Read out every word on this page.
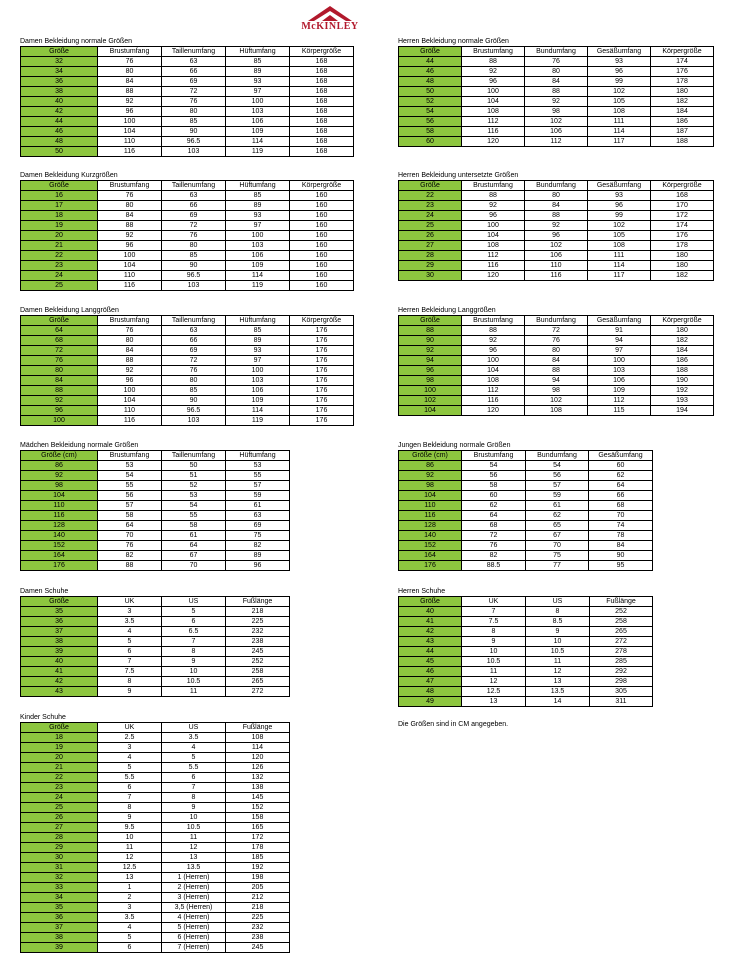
McKINLEY
Damen Bekleidung normale Größen
Größe	Brustumfang	Taillenumfang	Hüftumfang	Körpergröße
32	76	63	85	168
34	80	66	89	168
36	84	69	93	168
38	88	72	97	168
40	92	76	100	168
42	96	80	103	168
44	100	85	106	168
46	104	90	109	168
48	110	96.5	114	168
50	116	103	119	168
Herren Bekleidung normale Größen
Größe	Brustumfang	Bundumfang	Gesäßumfang	Körpergröße
44	88	76	93	174
46	92	80	96	176
48	96	84	99	178
50	100	88	102	180
52	104	92	105	182
54	108	98	108	184
56	112	102	111	186
58	116	106	114	187
60	120	112	117	188
Damen Bekleidung Kurzgrößen
Größe	Brustumfang	Taillenumfang	Hüftumfang	Körpergröße
16	76	63	85	160
17	80	66	89	160
18	84	69	93	160
19	88	72	97	160
20	92	76	100	160
21	96	80	103	160
22	100	85	106	160
23	104	90	109	160
24	110	96.5	114	160
25	116	103	119	160
Herren Bekleidung untersetzte Größen
Größe	Brustumfang	Bundumfang	Gesäßumfang	Körpergröße
22	88	80	93	168
23	92	84	96	170
24	96	88	99	172
25	100	92	102	174
26	104	96	105	176
27	108	102	108	178
28	112	106	111	180
29	116	110	114	180
30	120	116	117	182
Damen Bekleidung Langgrößen
Größe	Brustumfang	Taillenumfang	Hüftumfang	Körpergröße
64	76	63	85	176
68	80	66	89	176
72	84	69	93	176
76	88	72	97	176
80	92	76	100	176
84	96	80	103	176
88	100	85	106	176
92	104	90	109	176
96	110	96.5	114	176
100	116	103	119	176
Herren Bekleidung Langgrößen
Größe	Brustumfang	Bundumfang	Gesäßumfang	Körpergröße
88	88	72	91	180
90	92	76	94	182
92	96	80	97	184
94	100	84	100	186
96	104	88	103	188
98	108	94	106	190
100	112	98	109	192
102	116	102	112	193
104	120	108	115	194
Mädchen Bekleidung normale Größen
Größe (cm)	Brustumfang	Taillenumfang	Hüftumfang
86	53	50	53
92	54	51	55
98	55	52	57
104	56	53	59
110	57	54	61
116	58	55	63
128	64	58	69
140	70	61	75
152	76	64	82
164	82	67	89
176	88	70	96
Jungen Bekleidung normale Größen
Größe (cm)	Brustumfang	Bundumfang	Gesäßumfang
86	54	54	60
92	56	56	62
98	58	57	64
104	60	59	66
110	62	61	68
116	64	62	70
128	68	65	74
140	72	67	78
152	76	70	84
164	82	75	90
176	88.5	77	95
Damen Schuhe
Größe	UK	US	Fußlänge
35	3	5	218
36	3.5	6	225
37	4	6.5	232
38	5	7	238
39	6	8	245
40	7	9	252
41	7.5	10	258
42	8	10.5	265
43	9	11	272
Herren Schuhe
Größe	UK	US	Fußlänge
40	7	8	252
41	7.5	8.5	258
42	8	9	265
43	9	10	272
44	10	10.5	278
45	10.5	11	285
46	11	12	292
47	12	13	298
48	12.5	13.5	305
49	13	14	311
Kinder Schuhe
Größe	UK	US	Fußlänge
18	2.5	3.5	108
19	3	4	114
20	4	5	120
21	5	5.5	126
22	5.5	6	132
23	6	7	138
24	7	8	145
25	8	9	152
26	9	10	158
27	9.5	10.5	165
28	10	11	172
29	11	12	178
30	12	13	185
31	12.5	13.5	192
32	13	1 (Herren)	198
33	1	2 (Herren)	205
34	2	3 (Herren)	212
35	3	3,5 (Herren)	218
36	3.5	4 (Herren)	225
37	4	5 (Herren)	232
38	5	6 (Herren)	238
39	6	7 (Herren)	245
Die Größen sind in CM angegeben.
